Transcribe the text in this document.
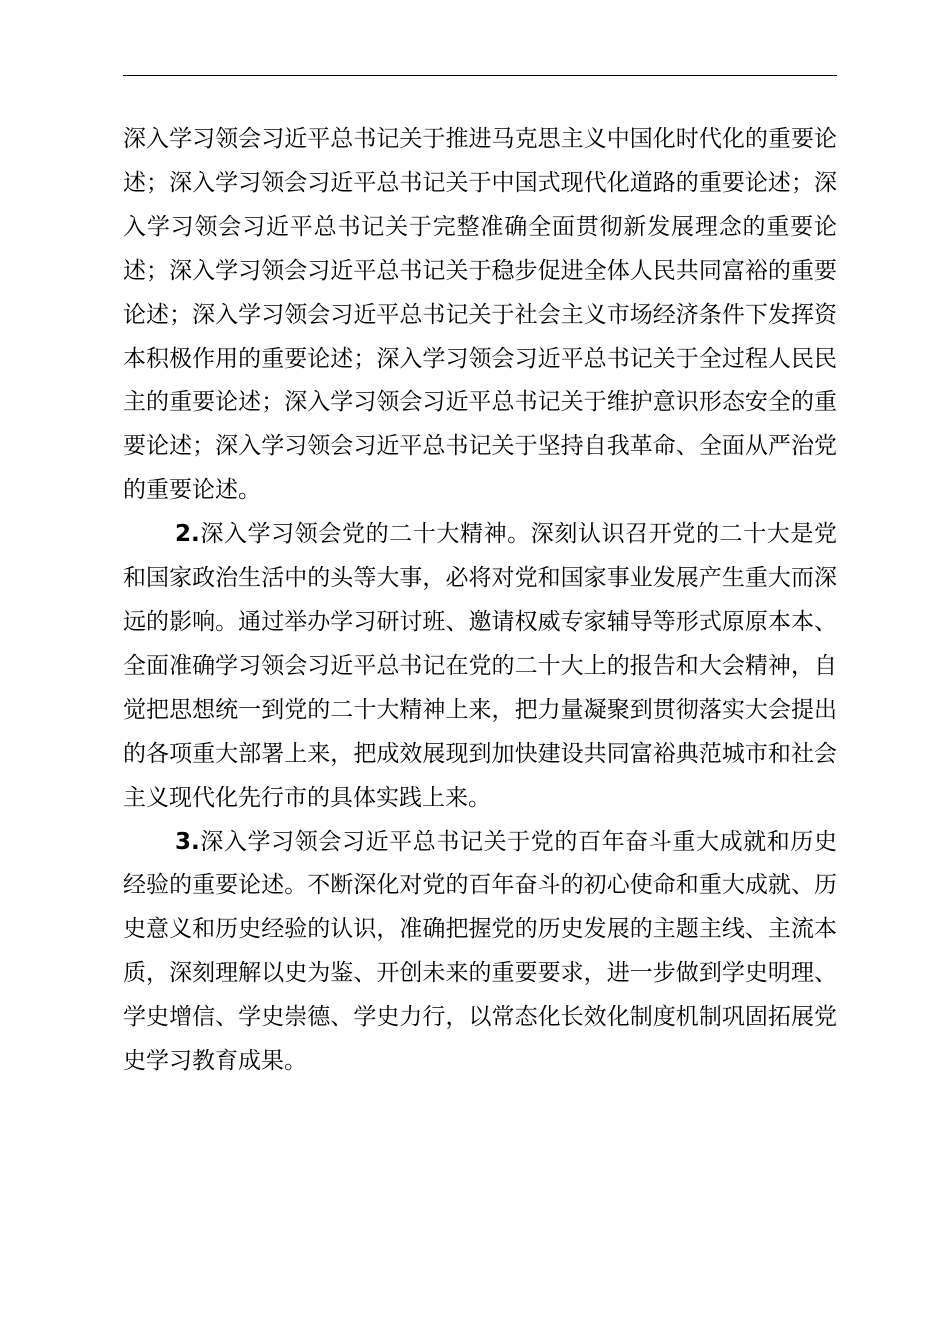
深入学习领会习近平总书记关于推进马克思主义中国化时代化的重要论述；深入学习领会习近平总书记关于中国式现代化道路的重要论述；深入学习领会习近平总书记关于完整准确全面贯彻新发展理念的重要论述；深入学习领会习近平总书记关于稳步促进全体人民共同富裕的重要论述；深入学习领会习近平总书记关于社会主义市场经济条件下发挥资本积极作用的重要论述；深入学习领会习近平总书记关于全过程人民民主的重要论述；深入学习领会习近平总书记关于维护意识形态安全的重要论述；深入学习领会习近平总书记关于坚持自我革命、全面从严治党的重要论述。

2.深入学习领会党的二十大精神。深刻认识召开党的二十大是党和国家政治生活中的头等大事，必将对党和国家事业发展产生重大而深远的影响。通过举办学习研讨班、邀请权威专家辅导等形式原原本本、全面准确学习领会习近平总书记在党的二十大上的报告和大会精神，自觉把思想统一到党的二十大精神上来，把力量凝聚到贯彻落实大会提出的各项重大部署上来，把成效展现到加快建设共同富裕典范城市和社会主义现代化先行市的具体实践上来。

3.深入学习领会习近平总书记关于党的百年奋斗重大成就和历史经验的重要论述。不断深化对党的百年奋斗的初心使命和重大成就、历史意义和历史经验的认识，准确把握党的历史发展的主题主线、主流本质，深刻理解以史为鉴、开创未来的重要要求，进一步做到学史明理、学史增信、学史崇德、学史力行，以常态化长效化制度机制巩固拓展党史学习教育成果。
